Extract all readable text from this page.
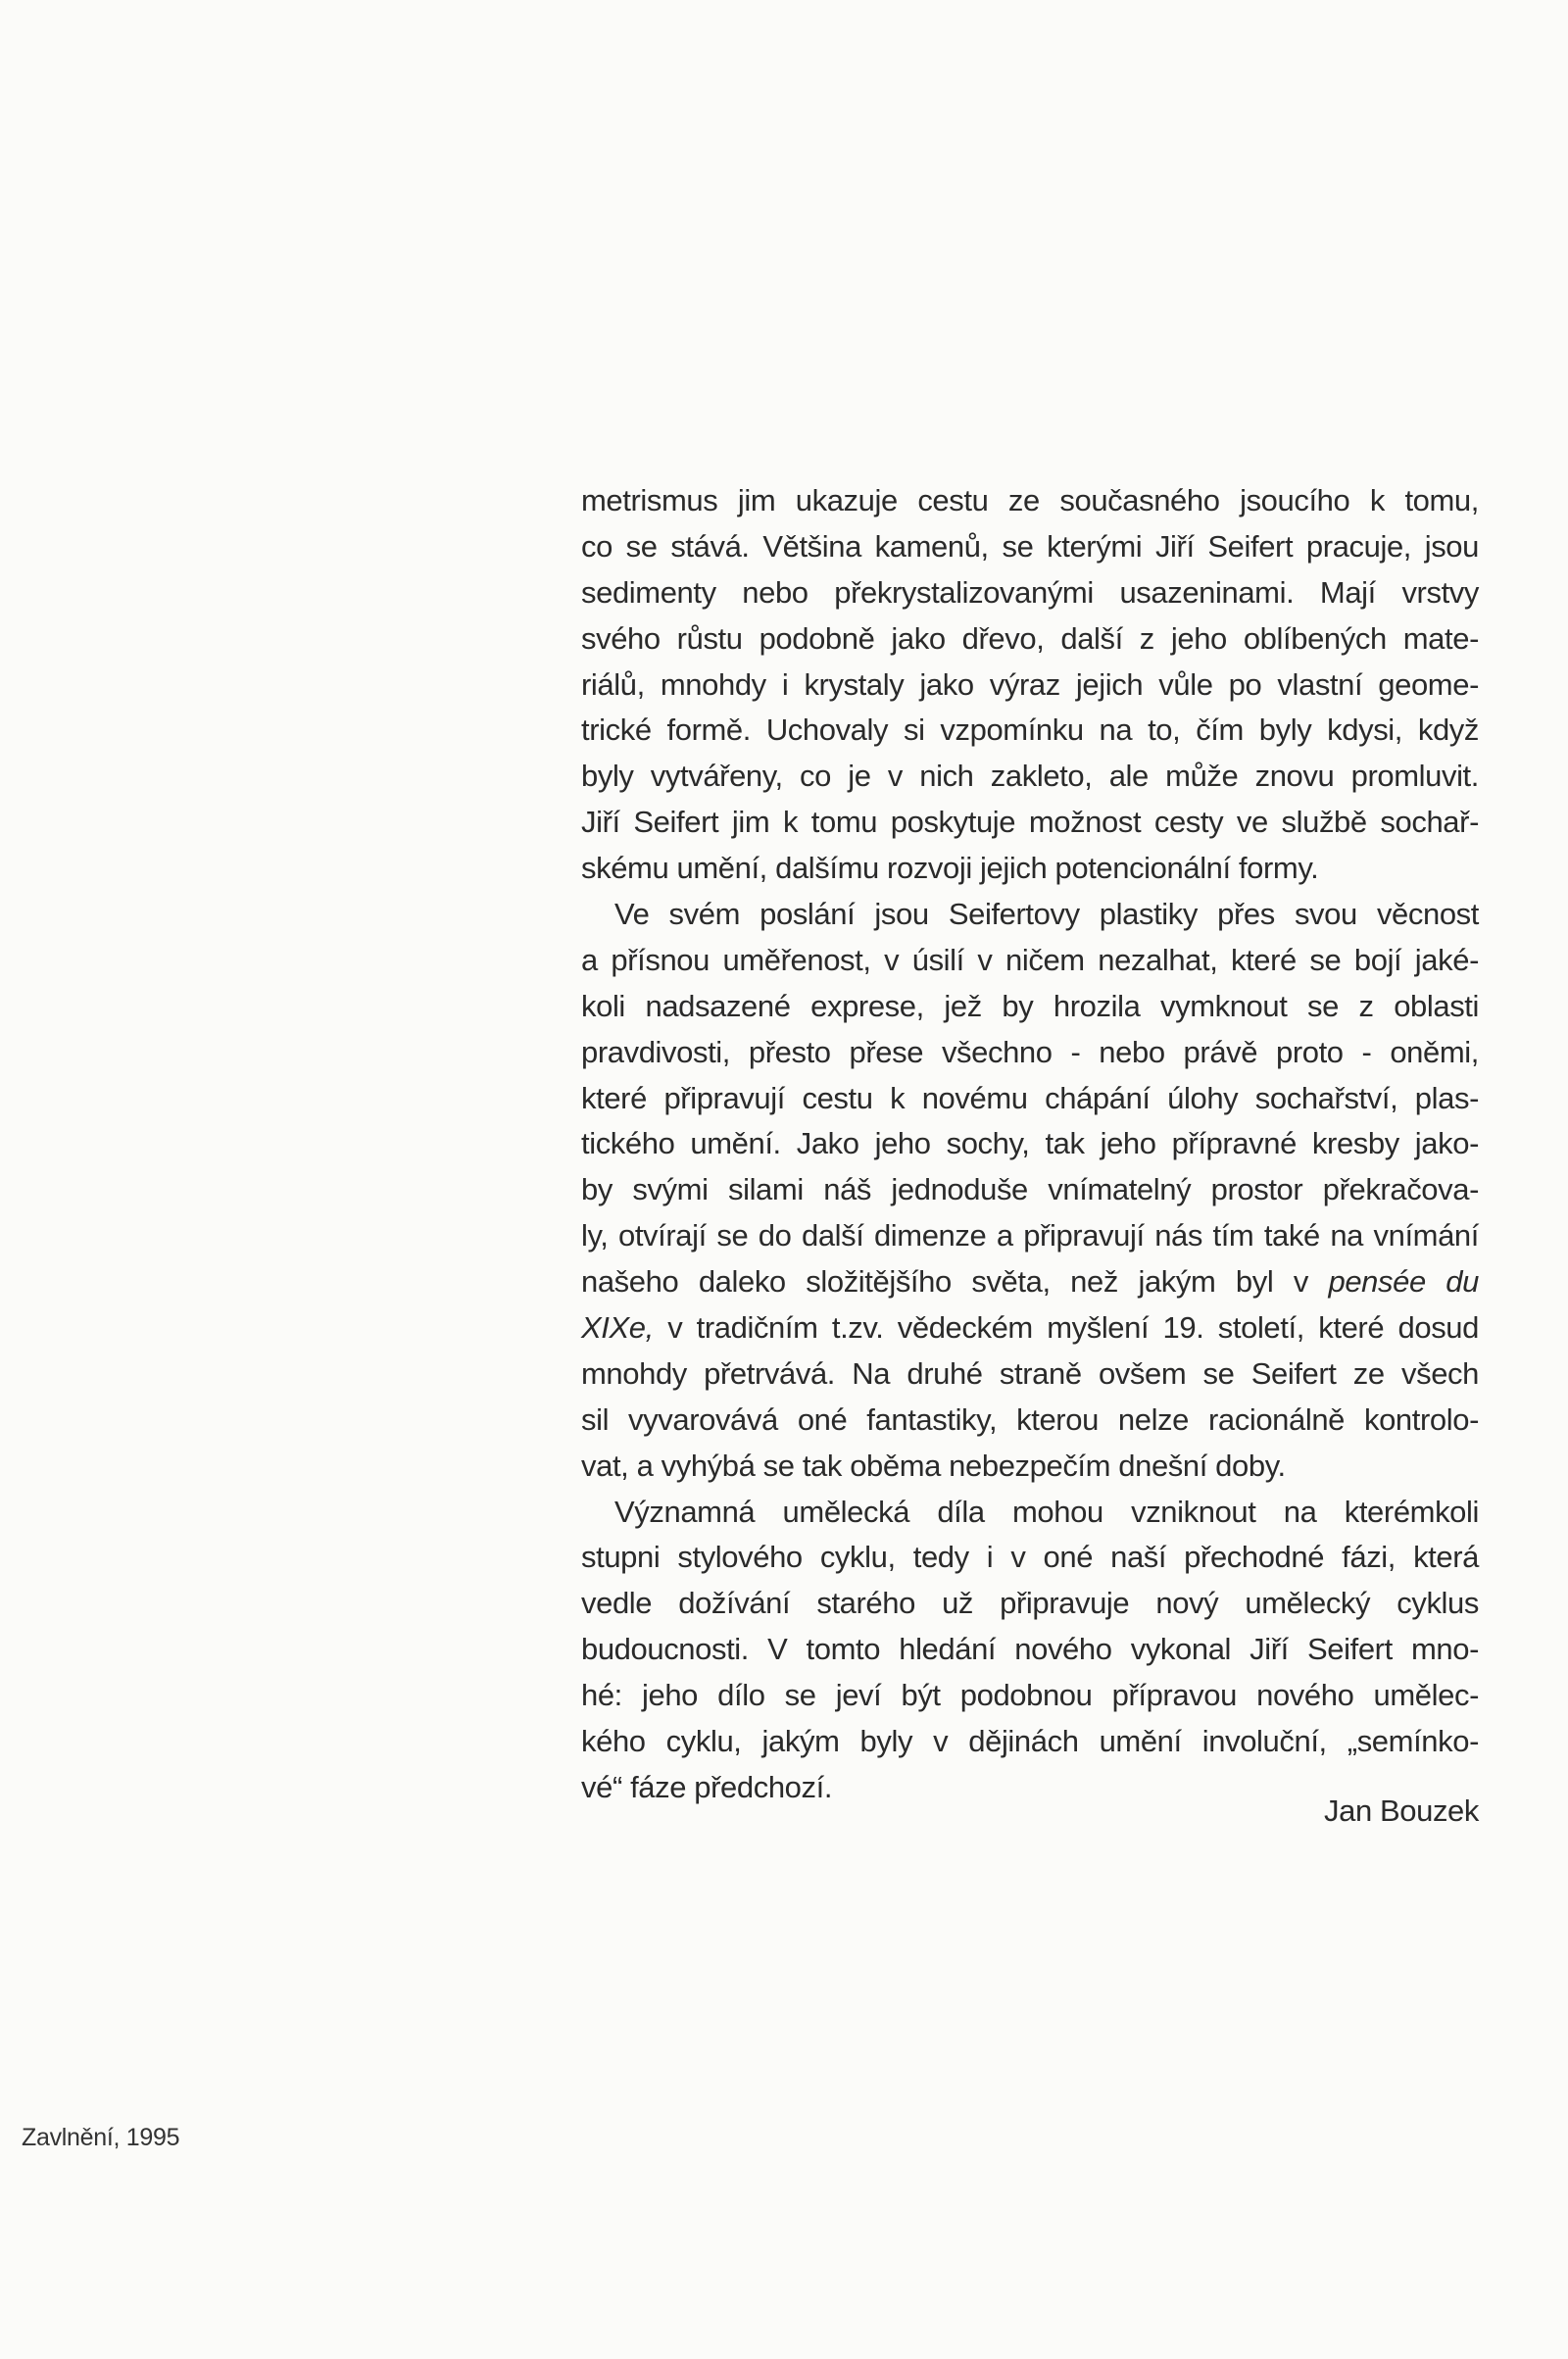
metrismus jim ukazuje cestu ze současného jsoucího k tomu,
co se stává. Většina kamenů, se kterými Jiří Seifert pracuje, jsou
sedimenty nebo překrystalizovanými usazeninami. Mají vrstvy
svého růstu podobně jako dřevo, další z jeho oblíbených mate-
riálů, mnohdy i krystaly jako výraz jejich vůle po vlastní geome-
trické formě. Uchovaly si vzpomínku na to, čím byly kdysi, když
byly vytvářeny, co je v nich zakleto, ale může znovu promluvit.
Jiří Seifert jim k tomu poskytuje možnost cesty ve službě sochař-
skému umění, dalšímu rozvoji jejich potencionální formy.
Ve svém poslání jsou Seifertovy plastiky přes svou věcnost
a přísnou uměřenost, v úsilí v ničem nezalhat, které se bojí jaké-
koli nadsazené exprese, jež by hrozila vymknout se z oblasti
pravdivosti, přesto přese všechno - nebo právě proto - oněmi,
které připravují cestu k novému chápání úlohy sochařství, plas-
tického umění. Jako jeho sochy, tak jeho přípravné kresby jako-
by svými silami náš jednoduše vnímatelný prostor překračova-
ly, otvírají se do další dimenze a připravují nás tím také na vnímání
našeho daleko složitějšího světa, než jakým byl v pensée du
XIXe, v tradičním t.zv. vědeckém myšlení 19. století, které dosud
mnohdy přetrvává. Na druhé straně ovšem se Seifert ze všech
sil vyvarovává oné fantastiky, kterou nelze racionálně kontrolo-
vat, a vyhýbá se tak oběma nebezpečím dnešní doby.
Významná umělecká díla mohou vzniknout na kterémkoli
stupni stylového cyklu, tedy i v oné naší přechodné fázi, která
vedle dožívání starého už připravuje nový umělecký cyklus
budoucnosti. V tomto hledání nového vykonal Jiří Seifert mno-
hé: jeho dílo se jeví být podobnou přípravou nového umělec-
kého cyklu, jakým byly v dějinách umění involuční, „semínko-
vé“ fáze předchozí.
Jan Bouzek
Zavlnění, 1995
